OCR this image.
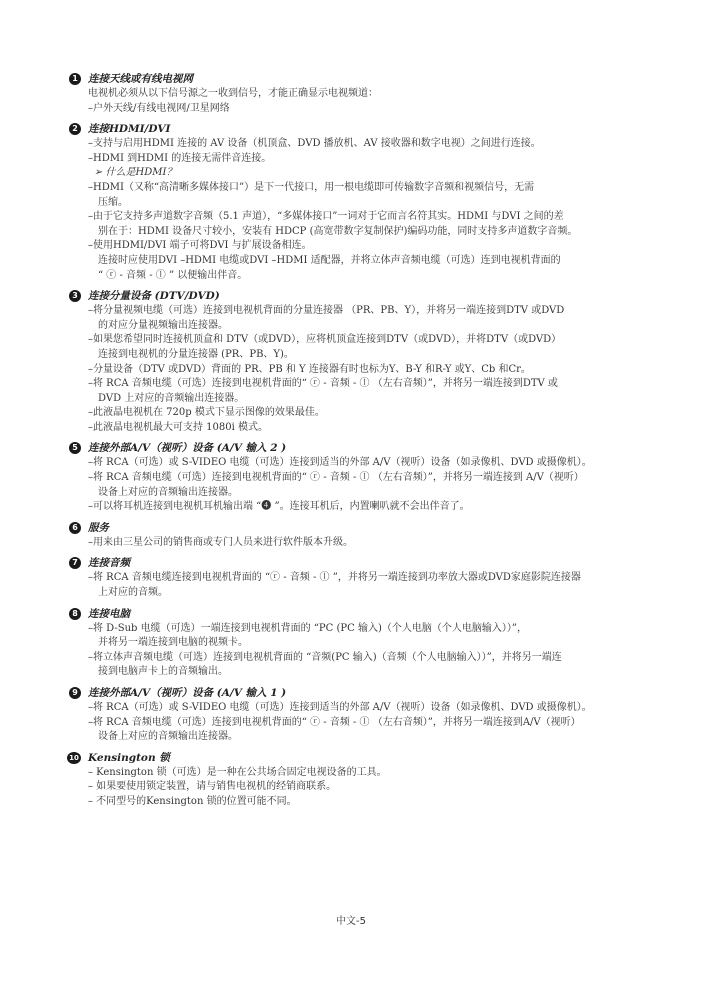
1 连接天线或有线电视网
电视机必须从以下信号源之一收到信号，才能正确显示电视频道：
–户外天线/有线电视网/卫星网络
2 连接HDMI/DVI
–支持与启用HDMI 连接的 AV 设备（机顶盒、DVD 播放机、AV 接收器和数字电视）之间进行连接。
–HDMI 到HDMI 的连接无需伴音连接。
➢ 什么是HDMI？
–HDMI（又称“高清晰多媒体接口”）是下一代接口，用一根电缆即可传输数字音频和视频信号，无需
压缩。
–由于它支持多声道数字音频（5.1 声道），“多媒体接口”一词对于它而言名符其实。HDMI 与DVI 之间的差
别在于：HDMI 设备尺寸较小，安装有 HDCP (高宽带数字复制保护)编码功能，同时支持多声道数字音频。
–使用HDMI/DVI 端子可将DVI 与扩展设备相连。
连接时应使用DVI –HDMI 电缆或DVI –HDMI 适配器，并将立体声音频电缆（可选）连到电视机背面的
“ ⓡ - 音频 - ⓛ ” 以便输出伴音。
3 连接分量设备 (DTV/DVD)
–将分量视频电缆（可选）连接到电视机背面的分量连接器 （PR、PB、Y），并将另一端连接到DTV 或DVD
的对应分量视频输出连接器。
–如果您希望同时连接机顶盒和 DTV（或DVD），应将机顶盒连接到DTV（或DVD），并将DTV（或DVD）
连接到电视机的分量连接器 (PR、PB、Y)。
–分量设备（DTV 或DVD）背面的 PR、PB 和 Y 连接器有时也标为Y、B-Y 和R-Y 或Y、Cb 和Cr。
–将 RCA 音频电缆（可选）连接到电视机背面的“ ⓡ - 音频 - ⓛ （左右音频）”，并将另一端连接到DTV 或
DVD 上对应的音频输出连接器。
–此液晶电视机在 720p 模式下显示图像的效果最佳。
–此液晶电视机最大可支持 1080i 模式。
5 连接外部A/V（视听）设备 (A/V 输入 2 )
–将 RCA（可选）或 S-VIDEO 电缆（可选）连接到适当的外部 A/V（视听）设备（如录像机、DVD 或摄像机）。
–将 RCA 音频电缆（可选）连接到电视机背面的“ ⓡ - 音频 - ⓛ （左右音频）”，并将另一端连接到 A/V（视听）
设备上对应的音频输出连接器。
–可以将耳机连接到电视机耳机输出端 “❹ ”。连接耳机后，内置喇叭就不会出伴音了。
6 服务
–用来由三星公司的销售商或专门人员来进行软件版本升级。
7 连接音频
–将 RCA 音频电缆连接到电视机背面的 “ⓡ - 音频 - ⓛ ”，并将另一端连接到功率放大器或DVD家庭影院连接器
上对应的音频。
8 连接电脑
–将 D-Sub 电缆（可选）一端连接到电视机背面的 “PC (PC 输入)（个人电脑（个人电脑输入））”，
并将另一端连接到电脑的视频卡。
–将立体声音频电缆（可选）连接到电视机背面的 “音频(PC 输入)（音频（个人电脑输入））”，并将另一端连
接到电脑声卡上的音频输出。
9 连接外部A/V（视听）设备 (A/V 输入 1 )
–将 RCA（可选）或 S-VIDEO 电缆（可选）连接到适当的外部 A/V（视听）设备（如录像机、DVD 或摄像机）。
–将 RCA 音频电缆（可选）连接到电视机背面的“ ⓡ - 音频 - ⓛ （左右音频）”，并将另一端连接到A/V（视听）
设备上对应的音频输出连接器。
10 Kensington 锁
– Kensington 锁（可选）是一种在公共场合固定电视设备的工具。
– 如果要使用锁定装置，请与销售电视机的经销商联系。
– 不同型号的Kensington 锁的位置可能不同。
中文-5
